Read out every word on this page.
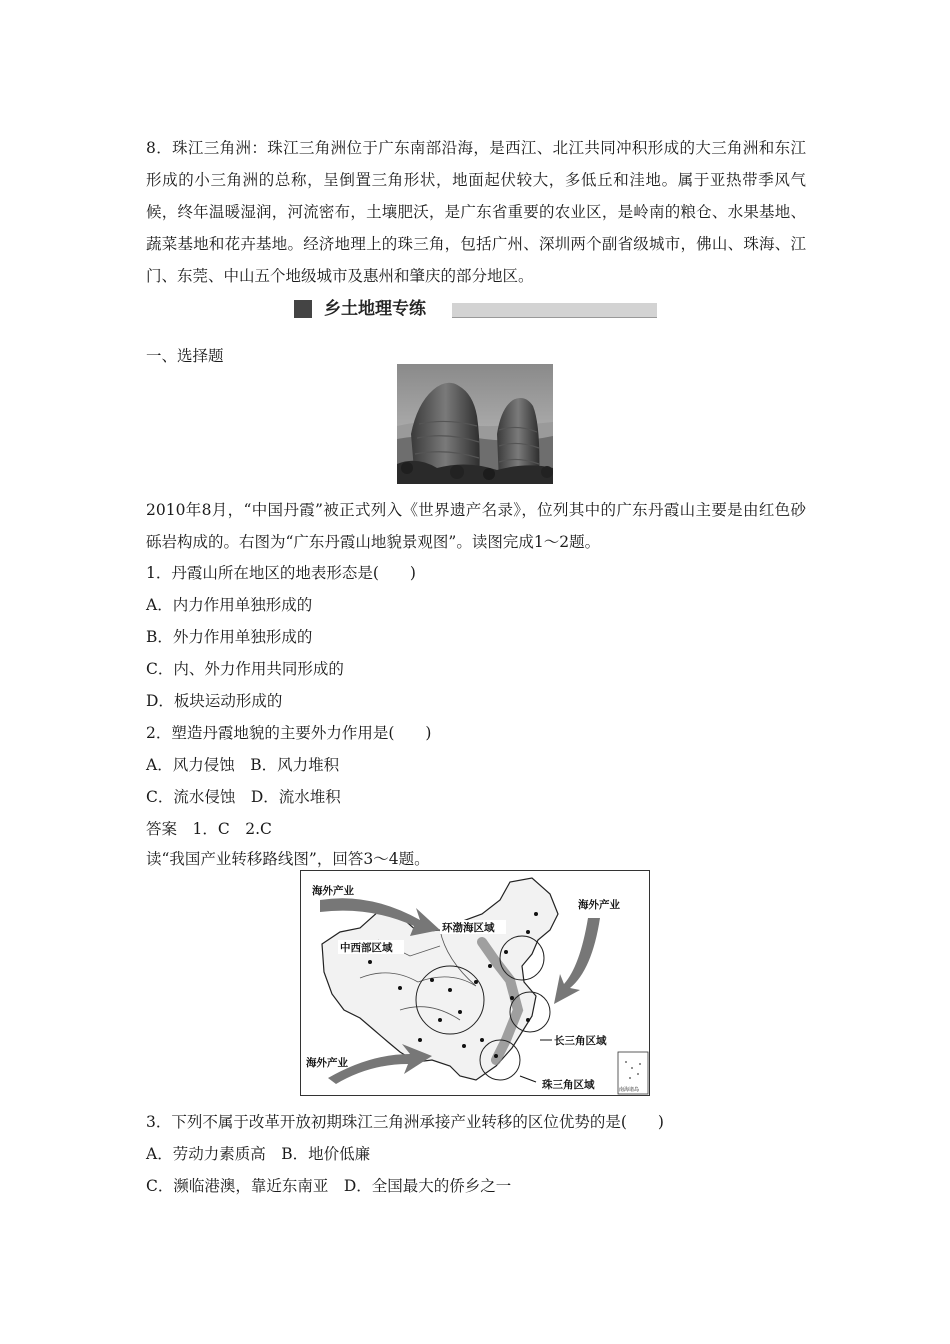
8．珠江三角洲：珠江三角洲位于广东南部沿海，是西江、北江共同冲积形成的大三角洲和东江形成的小三角洲的总称，呈倒置三角形状，地面起伏较大，多低丘和洼地。属于亚热带季风气候，终年温暖湿润，河流密布，土壤肥沃，是广东省重要的农业区，是岭南的粮仓、水果基地、蔬菜基地和花卉基地。经济地理上的珠三角，包括广州、深圳两个副省级城市，佛山、珠海、江门、东莞、中山五个地级城市及惠州和肇庆的部分地区。
乡土地理专练
一、选择题
2010年8月，“中国丹霞”被正式列入《世界遗产名录》，位列其中的广东丹霞山主要是由红色砂砾岩构成的。右图为“广东丹霞山地貌景观图”。读图完成1～2题。
1．丹霞山所在地区的地表形态是(　　)
A．内力作用单独形成的
B．外力作用单独形成的
C．内、外力作用共同形成的
D．板块运动形成的
2．塑造丹霞地貌的主要外力作用是(　　)
A．风力侵蚀　B．风力堆积
C．流水侵蚀　D．流水堆积
答案　1．C　2.C
读“我国产业转移路线图”，回答3～4题。
海外产业
海外产业
海外产业
环渤海区域
中西部区域
长三角区域
珠三角区域	南海诸岛
3．下列不属于改革开放初期珠江三角洲承接产业转移的区位优势的是(　　)
A．劳动力素质高　B．地价低廉
C．濒临港澳，靠近东南亚　D．全国最大的侨乡之一
